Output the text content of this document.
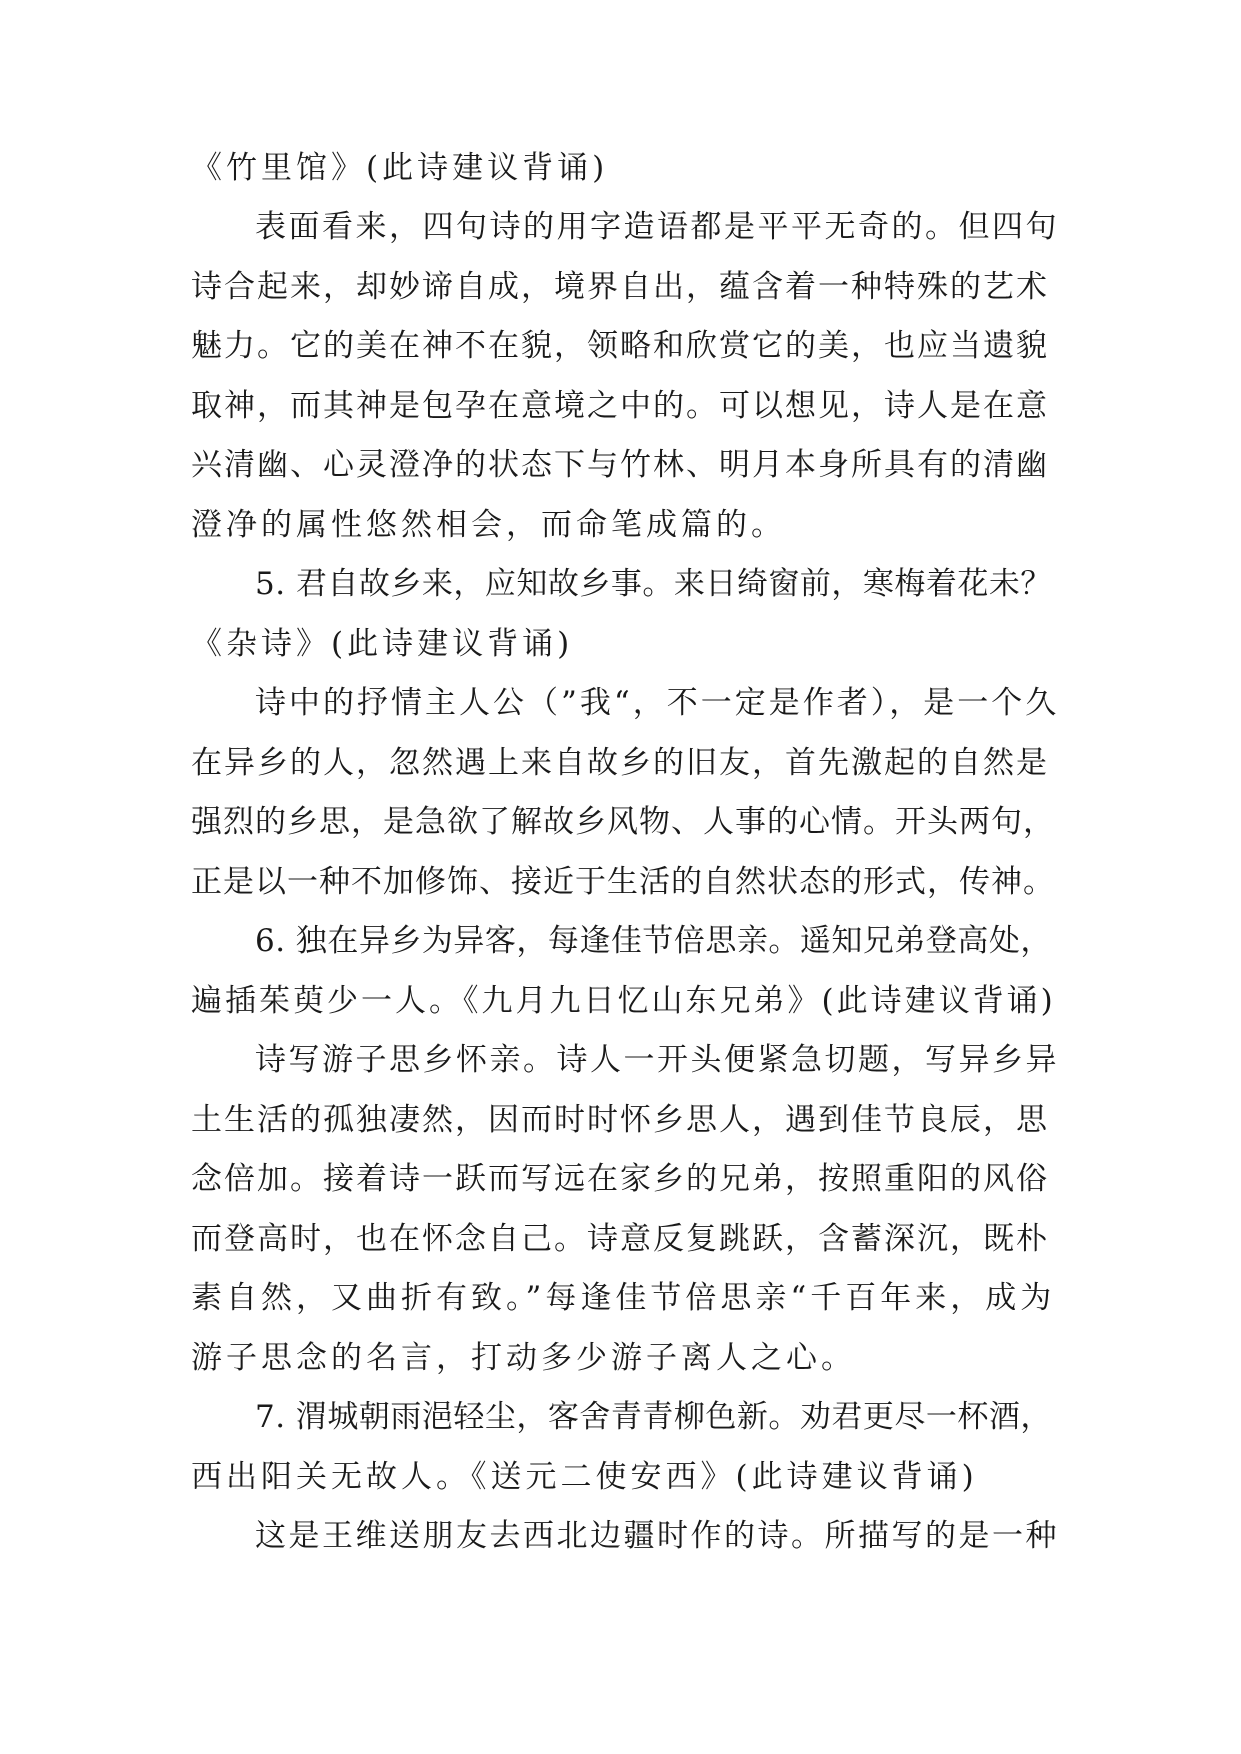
《竹里馆》(此诗建议背诵)
表面看来，四句诗的用字造语都是平平无奇的。但四句
诗合起来，却妙谛自成，境界自出，蕴含着一种特殊的艺术
魅力。它的美在神不在貌，领略和欣赏它的美，也应当遗貌
取神，而其神是包孕在意境之中的。可以想见，诗人是在意
兴清幽、心灵澄净的状态下与竹林、明月本身所具有的清幽
澄净的属性悠然相会，而命笔成篇的。
5. 君自故乡来，应知故乡事。来日绮窗前，寒梅着花未？
《杂诗》(此诗建议背诵)
诗中的抒情主人公（”我“，不一定是作者），是一个久
在异乡的人，忽然遇上来自故乡的旧友，首先激起的自然是
强烈的乡思，是急欲了解故乡风物、人事的心情。开头两句，
正是以一种不加修饰、接近于生活的自然状态的形式，传神。
6. 独在异乡为异客，每逢佳节倍思亲。遥知兄弟登高处，
遍插茱萸少一人。《九月九日忆山东兄弟》(此诗建议背诵)
诗写游子思乡怀亲。诗人一开头便紧急切题，写异乡异
土生活的孤独凄然，因而时时怀乡思人，遇到佳节良辰，思
念倍加。接着诗一跃而写远在家乡的兄弟，按照重阳的风俗
而登高时，也在怀念自己。诗意反复跳跃，含蓄深沉，既朴
素自然，又曲折有致。”每逢佳节倍思亲“千百年来，成为
游子思念的名言，打动多少游子离人之心。
7. 渭城朝雨浥轻尘，客舍青青柳色新。劝君更尽一杯酒，
西出阳关无故人。《送元二使安西》(此诗建议背诵)
这是王维送朋友去西北边疆时作的诗。所描写的是一种
